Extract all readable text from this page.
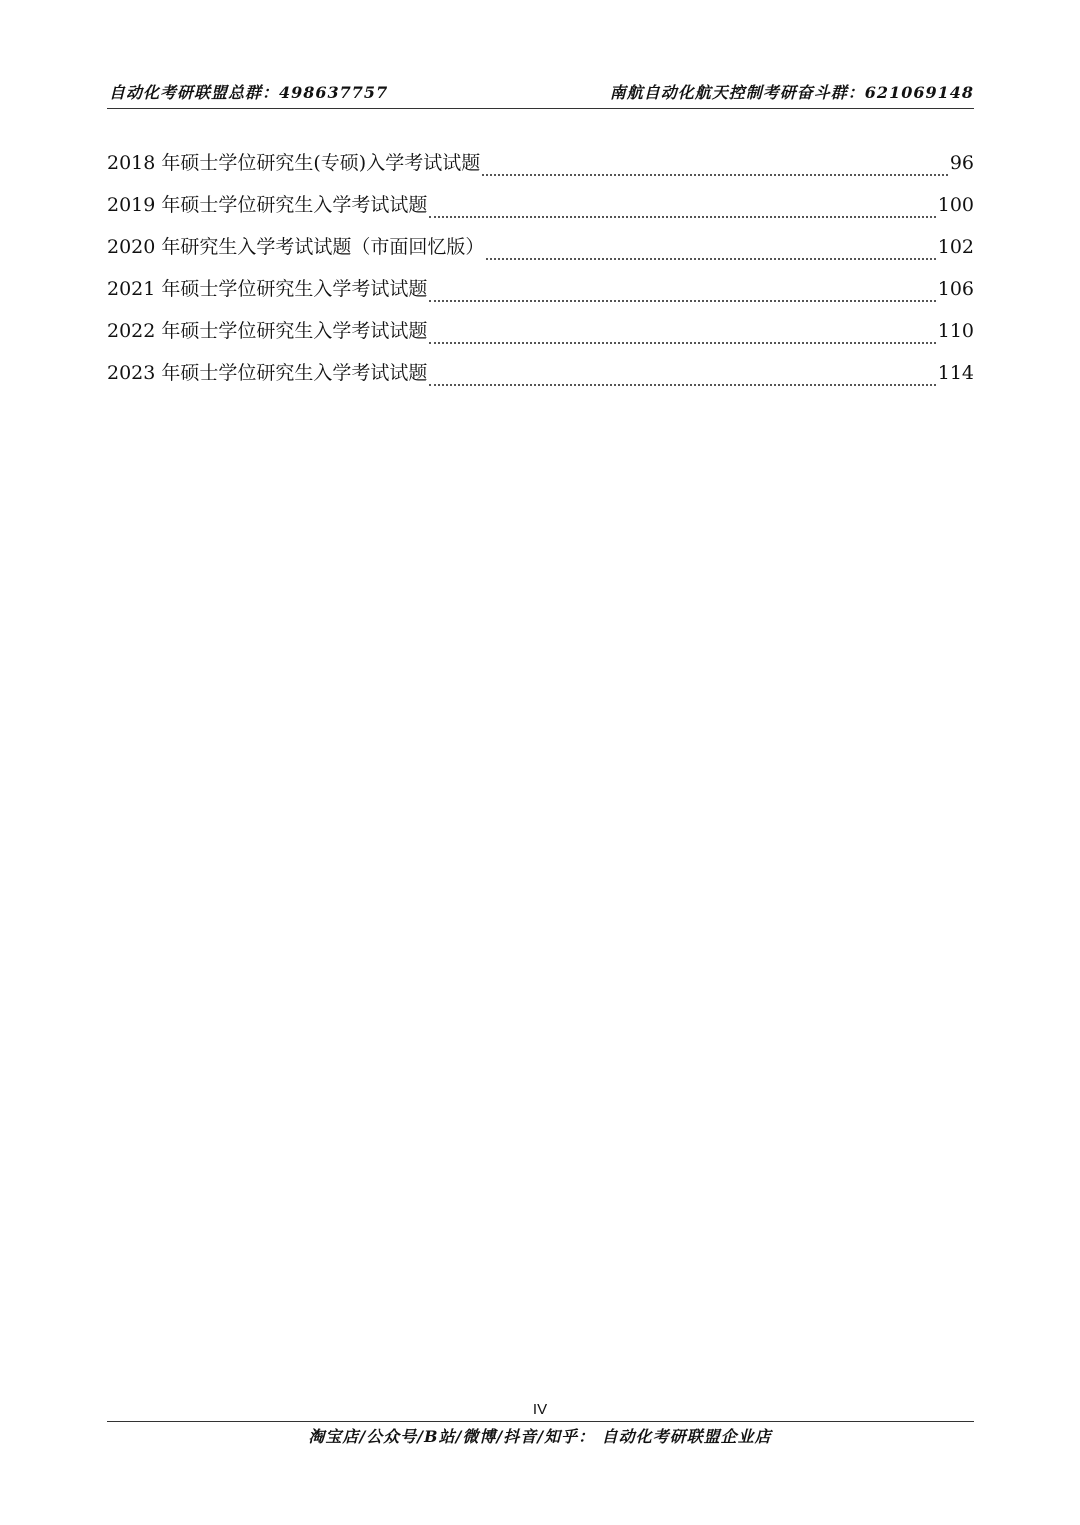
自动化考研联盟总群：498637757	南航自动化航天控制考研奋斗群：621069148
2018 年硕士学位研究生(专硕)入学考试试题	96
2019 年硕士学位研究生入学考试试题	100
2020 年研究生入学考试试题（市面回忆版）	102
2021 年硕士学位研究生入学考试试题	106
2022 年硕士学位研究生入学考试试题	110
2023 年硕士学位研究生入学考试试题	114
IV
淘宝店/公众号/B站/微博/抖音/知乎： 自动化考研联盟企业店
